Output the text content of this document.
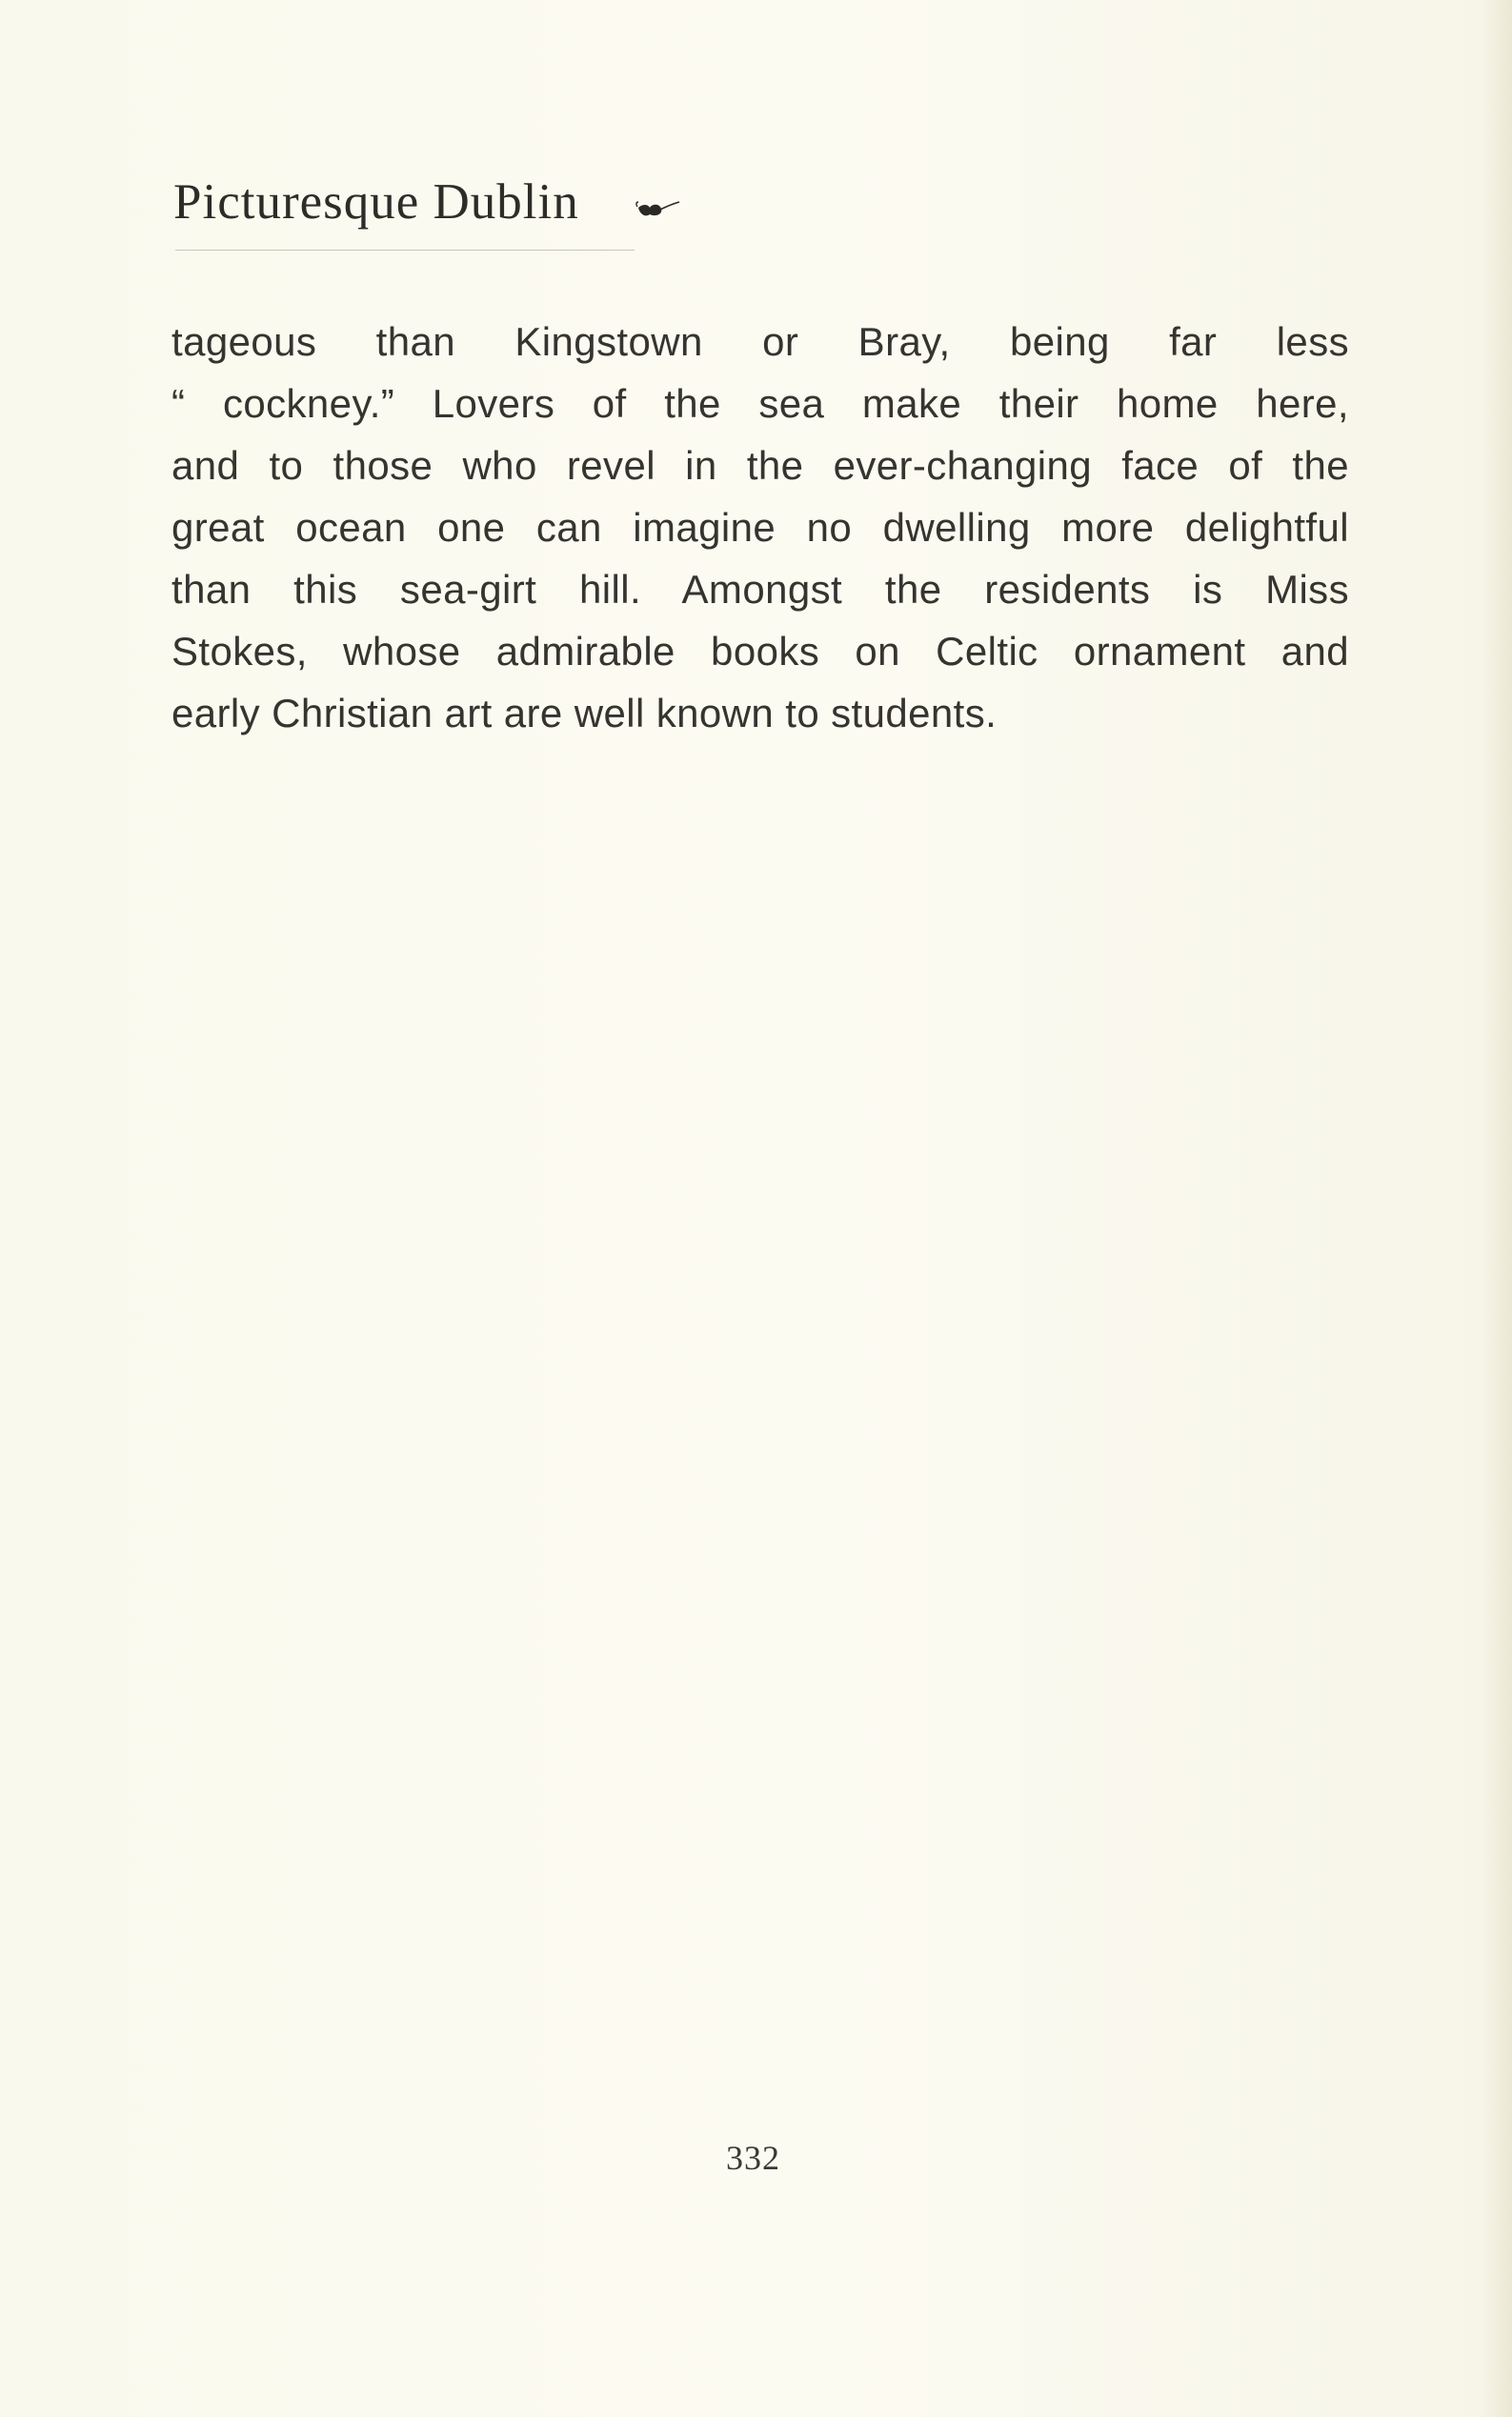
Picturesque Dublin
tageous than Kingstown or Bray, being far less
“ cockney.” Lovers of the sea make their home here,
and to those who revel in the ever-changing face of the
great ocean one can imagine no dwelling more delightful
than this sea-girt hill. Amongst the residents is Miss
Stokes, whose admirable books on Celtic ornament and
early Christian art are well known to students.
332
